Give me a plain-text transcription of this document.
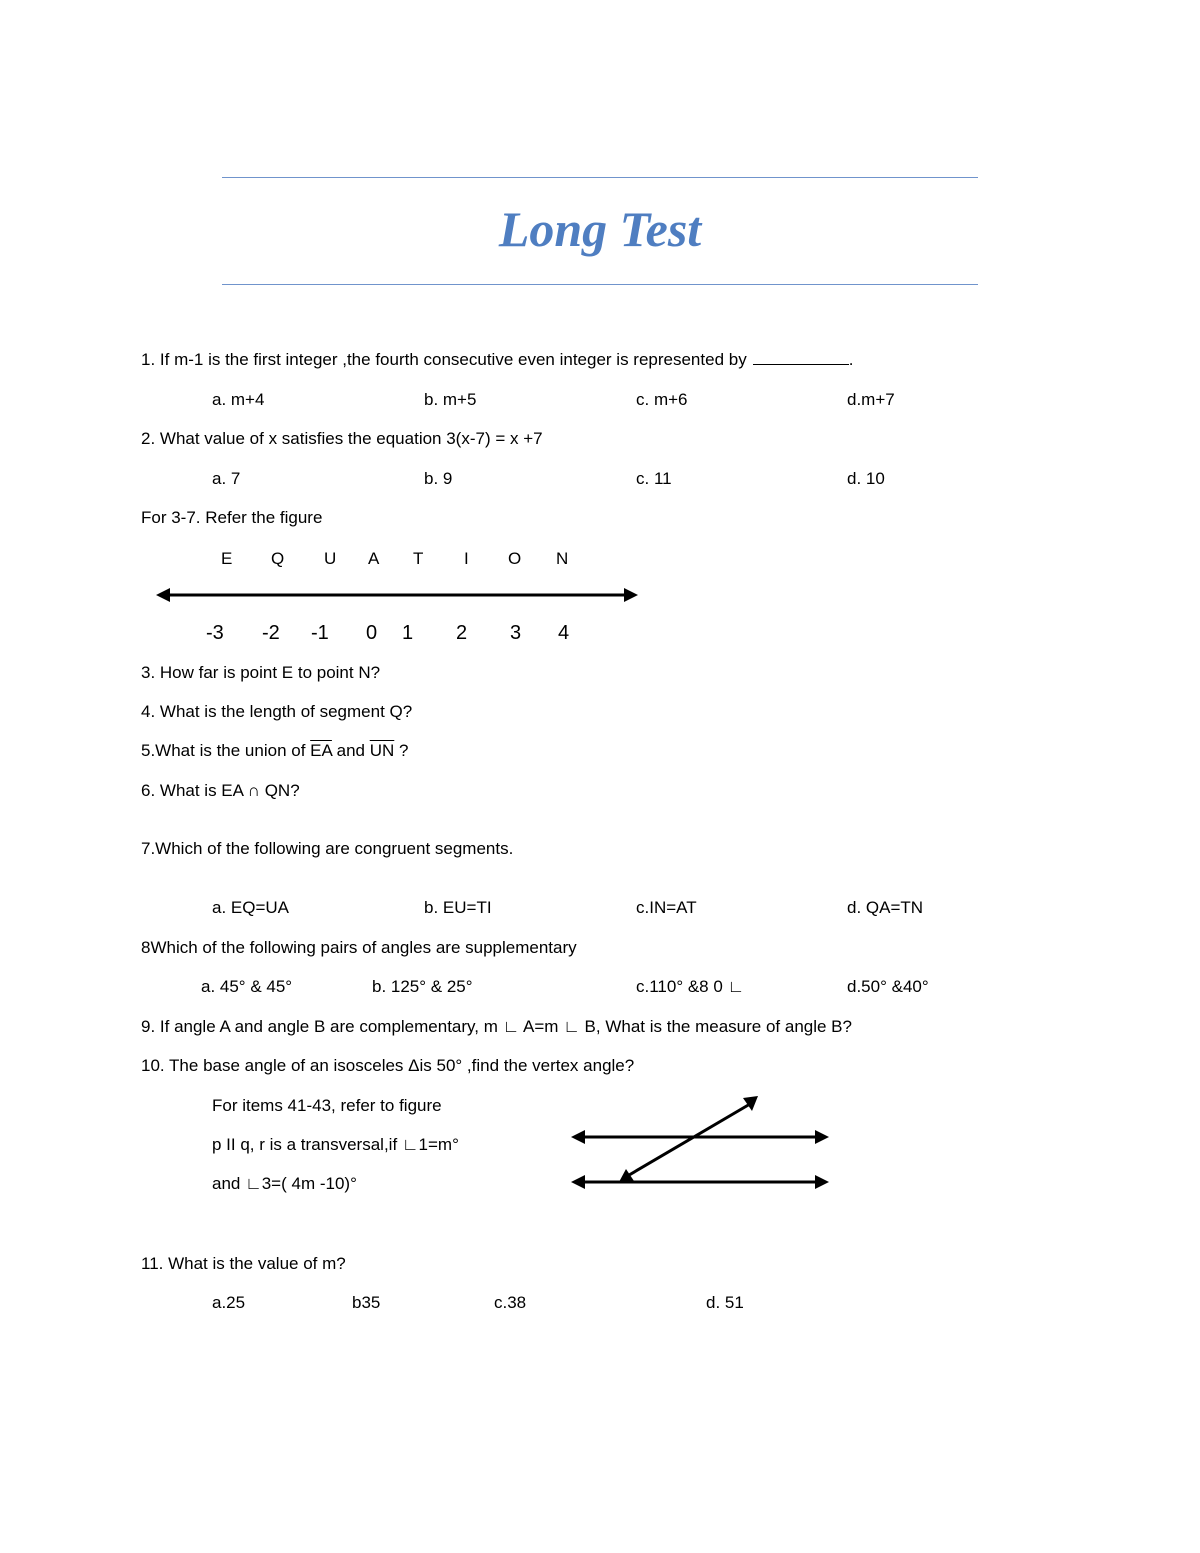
Long Test
1. If m-1 is the first integer ,the fourth consecutive even integer is represented by	.
a. m+4	b. m+5	c. m+6	d.m+7
2. What value of x satisfies the equation 3(x-7) = x +7
a. 7	b. 9	c. 11	d. 10
For 3-7. Refer the figure
E Q U A T I O N
-3 -2 -1 0 1 2 3 4
3. How far is point E to point N?
4. What is the length of segment Q?
5.What is the union of $\overline{EA}$ and $\overline{UN}$ ?
6. What is EA ∩ QN?
7.Which of the following are congruent segments.
a. EQ=UA	b. EU=TI	c.IN=AT	d. QA=TN
8Which of the following pairs of angles are supplementary
a. 45° & 45°	b. 125° & 25°	c.110° &8 0 ∟	d.50° &40°
9. If angle A and angle B are complementary, m ∟ A=m ∟ B, What is the measure of angle B?
10. The base angle of an isosceles Δis 50° ,find the vertex angle?
For items 41-43, refer to figure
p II q, r is a transversal,if ∟1=m°
and ∟3=( 4m -10)°
11. What is the value of m?
a.25	b35	c.38	d. 51
